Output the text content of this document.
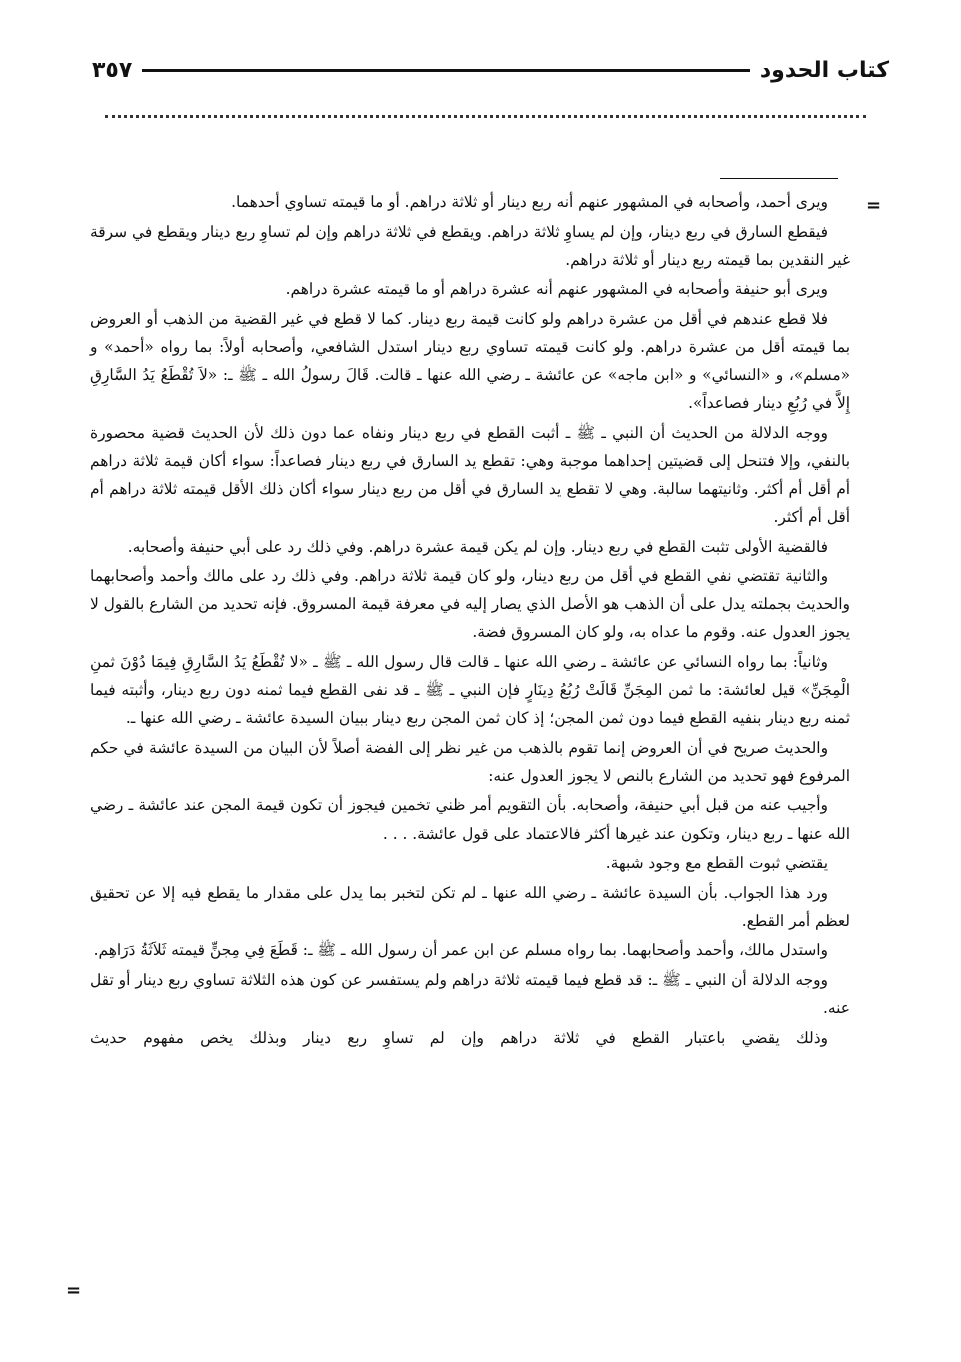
كتاب الحدود
٣٥٧
=
=

ويرى أحمد، وأصحابه في المشهور عنهم أنه ربع دينار أو ثلاثة دراهم. أو ما قيمته تساوي أحدهما.

فيقطع السارق في ربع دينار، وإن لم يساوِ ثلاثة دراهم. ويقطع في ثلاثة دراهم وإن لم تساوِ ربع دينار ويقطع في سرقة غير النقدين بما قيمته ربع دينار أو ثلاثة دراهم.

ويرى أبو حنيفة وأصحابه في المشهور عنهم أنه عشرة دراهم أو ما قيمته عشرة دراهم.

فلا قطع عندهم في أقل من عشرة دراهم ولو كانت قيمة ربع دينار. كما لا قطع في غير القضية من الذهب أو العروض بما قيمته أقل من عشرة دراهم. ولو كانت قيمته تساوي ربع دينار استدل الشافعي، وأصحابه أولاً: بما رواه «أحمد» و «مسلم»، و «النسائي» و «ابن ماجه» عن عائشة ـ رضي الله عنها ـ قالت. قَالَ رسولُ الله ـ ﷺ ـ: «لاَ تُقْطَعُ يَدُ السَّارِقِ إِلاَّ في رُبُعِ دينار فصاعداً».

ووجه الدلالة من الحديث أن النبي ـ ﷺ ـ أثبت القطع في ربع دينار ونفاه عما دون ذلك لأن الحديث قضية محصورة بالنفي، وإلا فتنحل إلى قضيتين إحداهما موجبة وهي: تقطع يد السارق في ربع دينار فصاعداً: سواء أكان قيمة ثلاثة دراهم أم أقل أم أكثر. وثانيتهما سالبة. وهي لا تقطع يد السارق في أقل من ربع دينار سواء أكان ذلك الأقل قيمته ثلاثة دراهم أم أقل أم أكثر.

فالقضية الأولى تثبت القطع في ربع دينار. وإن لم يكن قيمة عشرة دراهم. وفي ذلك رد على أبي حنيفة وأصحابه.

والثانية تقتضي نفي القطع في أقل من ربع دينار، ولو كان قيمة ثلاثة دراهم. وفي ذلك رد على مالك وأحمد وأصحابهما والحديث بجملته يدل على أن الذهب هو الأصل الذي يصار إليه في معرفة قيمة المسروق. فإنه تحديد من الشارع بالقول لا يجوز العدول عنه. وقوم ما عداه به، ولو كان المسروق فضة.

وثانياً: بما رواه النسائي عن عائشة ـ رضي الله عنها ـ قالت قال رسول الله ـ ﷺ ـ «لا تُقْطَعُ يَدُ السَّارِقِ فِيمَا دُوْنَ ثمنِ الْمِجَنِّ» قيل لعائشة: ما ثمن المِجَنِّ قَالَتْ رُبُعُ دِينَارٍ فإن النبي ـ ﷺ ـ قد نفى القطع فيما ثمنه دون ربع دينار، وأثبته فيما ثمنه ربع دينار بنفيه القطع فيما دون ثمن المجن؛ إذ كان ثمن المجن ربع دينار ببيان السيدة عائشة ـ رضي الله عنها ـ.

والحديث صريح في أن العروض إنما تقوم بالذهب من غير نظر إلى الفضة أصلاً لأن البيان من السيدة عائشة في حكم المرفوع فهو تحديد من الشارع بالنص لا يجوز العدول عنه:

وأجيب عنه من قبل أبي حنيفة، وأصحابه. بأن التقويم أمر ظني تخمين فيجوز أن تكون قيمة المجن عند عائشة ـ رضي الله عنها ـ ربع دينار، وتكون عند غيرها أكثر فالاعتماد على قول عائشة. . . .

يقتضي ثبوت القطع مع وجود شبهة.

ورد هذا الجواب. بأن السيدة عائشة ـ رضي الله عنها ـ لم تكن لتخبر بما يدل على مقدار ما يقطع فيه إلا عن تحقيق لعظم أمر القطع.

واستدل مالك، وأحمد وأصحابهما. بما رواه مسلم عن ابن عمر أن رسول الله ـ ﷺ ـ: قَطَعَ فِي مِجنٍّ قيمته ثَلاَثَةُ دَرَاهِم.

ووجه الدلالة أن النبي ـ ﷺ ـ: قد قطع فيما قيمته ثلاثة دراهم ولم يستفسر عن كون هذه الثلاثة تساوي ربع دينار أو تقل عنه.

وذلك يقضي باعتبار القطع في ثلاثة دراهم وإن لم تساوِ ربع دينار وبذلك يخص مفهوم حديث
